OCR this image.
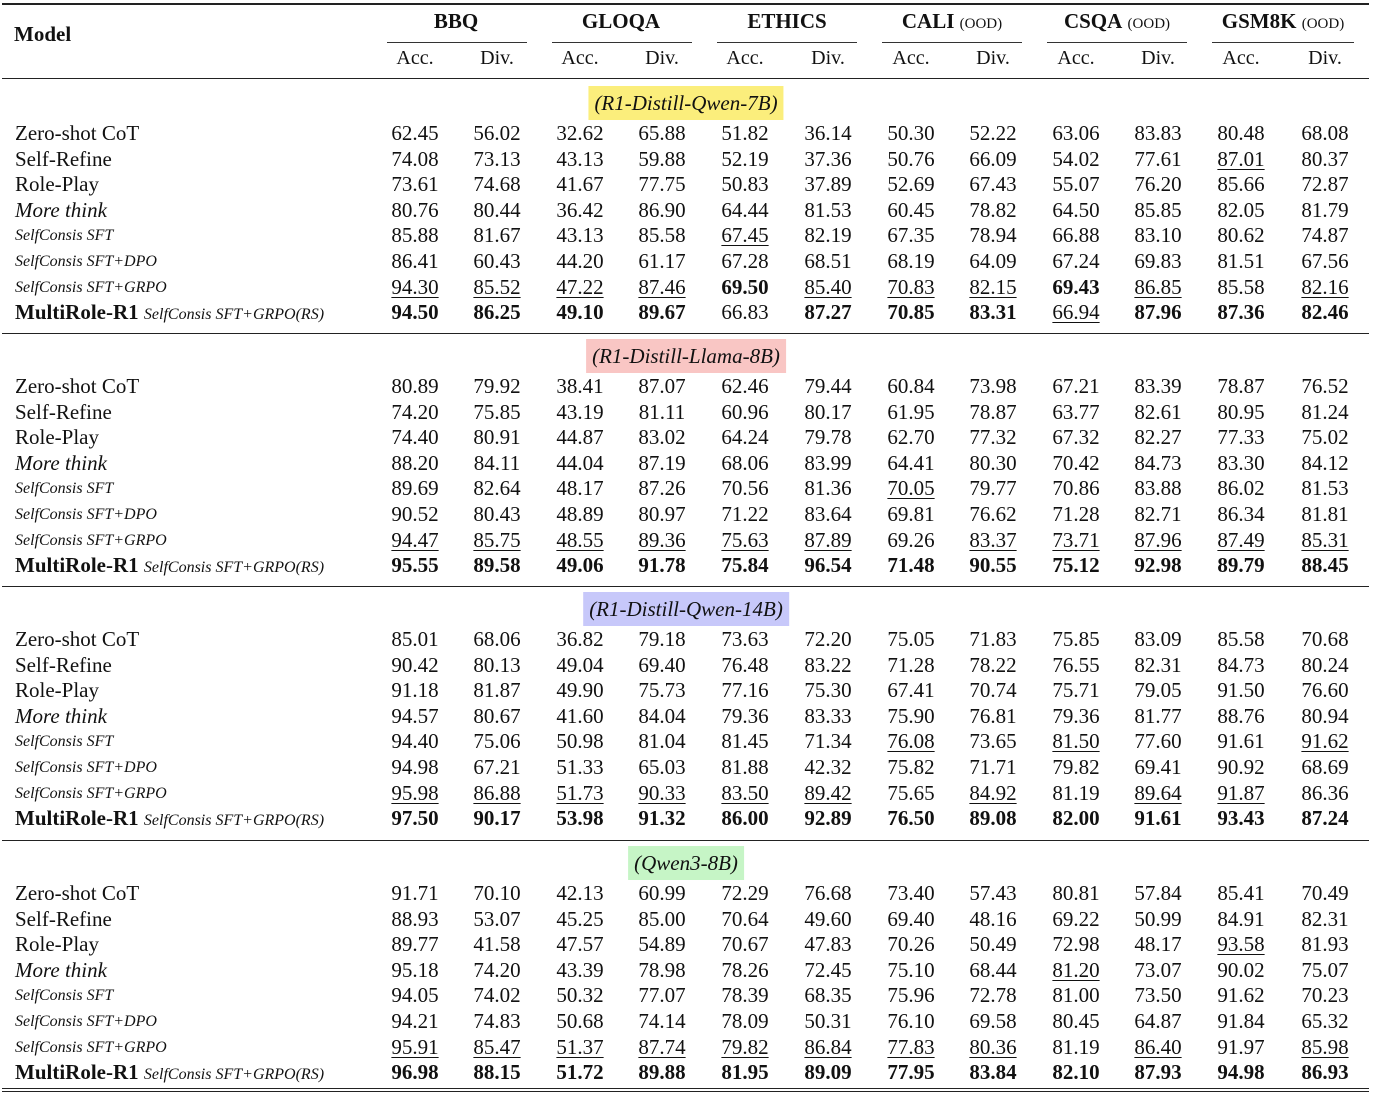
Model
BBQ	GLOQA	ETHICS	CALI (OOD)	CSQA (OOD)	GSM8K (OOD)
Acc.	Div.	Acc.	Div.	Acc.	Div.	Acc.	Div.	Acc.	Div.	Acc.	Div.
(R1-Distill-Qwen-7B)
Zero-shot CoT	62.45	56.02	32.62	65.88	51.82	36.14	50.30	52.22	63.06	83.83	80.48	68.08
Self-Refine	74.08	73.13	43.13	59.88	52.19	37.36	50.76	66.09	54.02	77.61	87.01	80.37
Role-Play	73.61	74.68	41.67	77.75	50.83	37.89	52.69	67.43	55.07	76.20	85.66	72.87
More think	80.76	80.44	36.42	86.90	64.44	81.53	60.45	78.82	64.50	85.85	82.05	81.79
SelfConsis SFT	85.88	81.67	43.13	85.58	67.45	82.19	67.35	78.94	66.88	83.10	80.62	74.87
SelfConsis SFT+DPO	86.41	60.43	44.20	61.17	67.28	68.51	68.19	64.09	67.24	69.83	81.51	67.56
SelfConsis SFT+GRPO	94.30	85.52	47.22	87.46	69.50	85.40	70.83	82.15	69.43	86.85	85.58	82.16
MultiRole-R1 SelfConsis SFT+GRPO(RS)	94.50	86.25	49.10	89.67	66.83	87.27	70.85	83.31	66.94	87.96	87.36	82.46
(R1-Distill-Llama-8B)
Zero-shot CoT	80.89	79.92	38.41	87.07	62.46	79.44	60.84	73.98	67.21	83.39	78.87	76.52
Self-Refine	74.20	75.85	43.19	81.11	60.96	80.17	61.95	78.87	63.77	82.61	80.95	81.24
Role-Play	74.40	80.91	44.87	83.02	64.24	79.78	62.70	77.32	67.32	82.27	77.33	75.02
More think	88.20	84.11	44.04	87.19	68.06	83.99	64.41	80.30	70.42	84.73	83.30	84.12
SelfConsis SFT	89.69	82.64	48.17	87.26	70.56	81.36	70.05	79.77	70.86	83.88	86.02	81.53
SelfConsis SFT+DPO	90.52	80.43	48.89	80.97	71.22	83.64	69.81	76.62	71.28	82.71	86.34	81.81
SelfConsis SFT+GRPO	94.47	85.75	48.55	89.36	75.63	87.89	69.26	83.37	73.71	87.96	87.49	85.31
MultiRole-R1 SelfConsis SFT+GRPO(RS)	95.55	89.58	49.06	91.78	75.84	96.54	71.48	90.55	75.12	92.98	89.79	88.45
(R1-Distill-Qwen-14B)
Zero-shot CoT	85.01	68.06	36.82	79.18	73.63	72.20	75.05	71.83	75.85	83.09	85.58	70.68
Self-Refine	90.42	80.13	49.04	69.40	76.48	83.22	71.28	78.22	76.55	82.31	84.73	80.24
Role-Play	91.18	81.87	49.90	75.73	77.16	75.30	67.41	70.74	75.71	79.05	91.50	76.60
More think	94.57	80.67	41.60	84.04	79.36	83.33	75.90	76.81	79.36	81.77	88.76	80.94
SelfConsis SFT	94.40	75.06	50.98	81.04	81.45	71.34	76.08	73.65	81.50	77.60	91.61	91.62
SelfConsis SFT+DPO	94.98	67.21	51.33	65.03	81.88	42.32	75.82	71.71	79.82	69.41	90.92	68.69
SelfConsis SFT+GRPO	95.98	86.88	51.73	90.33	83.50	89.42	75.65	84.92	81.19	89.64	91.87	86.36
MultiRole-R1 SelfConsis SFT+GRPO(RS)	97.50	90.17	53.98	91.32	86.00	92.89	76.50	89.08	82.00	91.61	93.43	87.24
(Qwen3-8B)
Zero-shot CoT	91.71	70.10	42.13	60.99	72.29	76.68	73.40	57.43	80.81	57.84	85.41	70.49
Self-Refine	88.93	53.07	45.25	85.00	70.64	49.60	69.40	48.16	69.22	50.99	84.91	82.31
Role-Play	89.77	41.58	47.57	54.89	70.67	47.83	70.26	50.49	72.98	48.17	93.58	81.93
More think	95.18	74.20	43.39	78.98	78.26	72.45	75.10	68.44	81.20	73.07	90.02	75.07
SelfConsis SFT	94.05	74.02	50.32	77.07	78.39	68.35	75.96	72.78	81.00	73.50	91.62	70.23
SelfConsis SFT+DPO	94.21	74.83	50.68	74.14	78.09	50.31	76.10	69.58	80.45	64.87	91.84	65.32
SelfConsis SFT+GRPO	95.91	85.47	51.37	87.74	79.82	86.84	77.83	80.36	81.19	86.40	91.97	85.98
MultiRole-R1 SelfConsis SFT+GRPO(RS)	96.98	88.15	51.72	89.88	81.95	89.09	77.95	83.84	82.10	87.93	94.98	86.93
